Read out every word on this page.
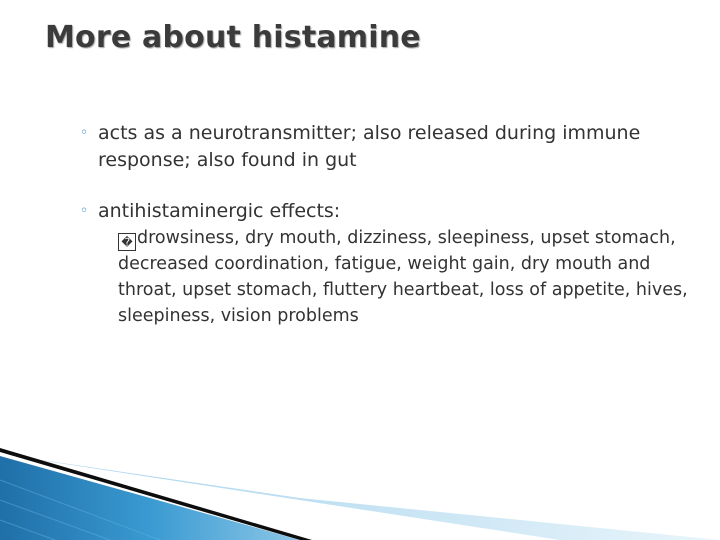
More about histamine
◦ acts as a neurotransmitter; also released during immune response; also found in gut
◦ antihistaminergic effects:
� drowsiness, dry mouth, dizziness, sleepiness, upset stomach, decreased coordination, fatigue, weight gain, dry mouth and throat, upset stomach, fluttery heartbeat, loss of appetite, hives, sleepiness, vision problems
